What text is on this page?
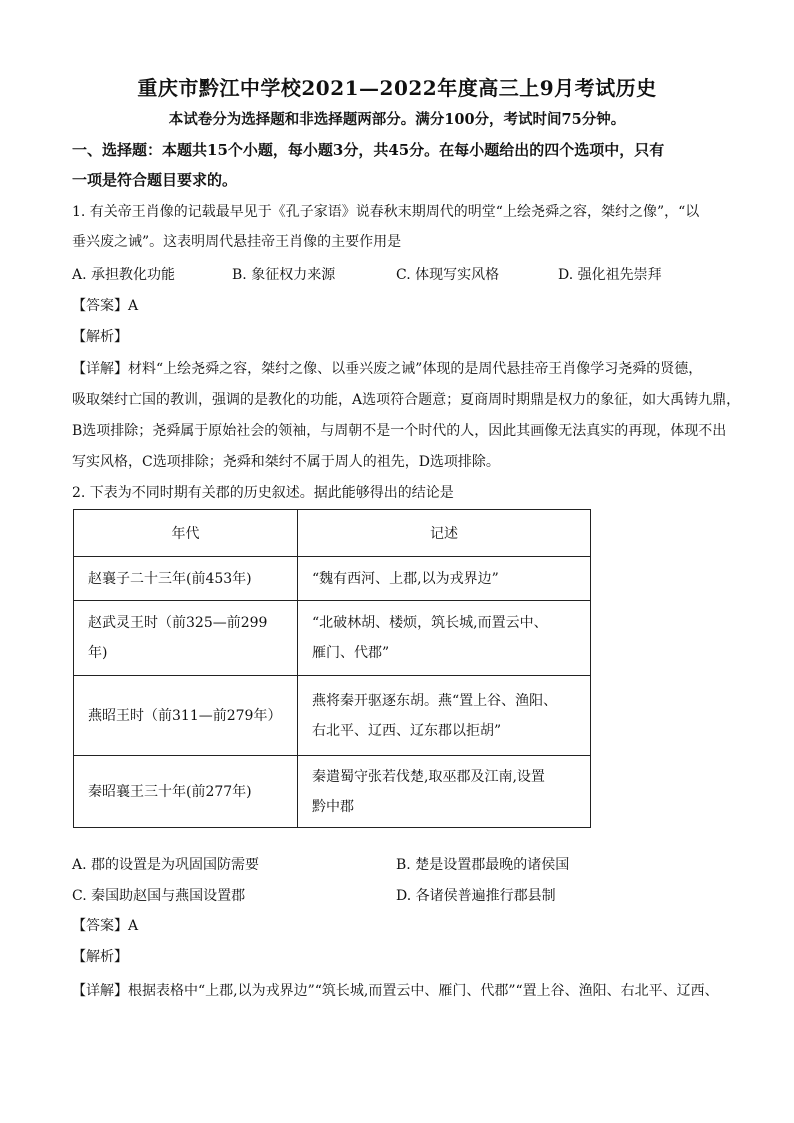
重庆市黔江中学校2021—2022年度高三上9月考试历史
本试卷分为选择题和非选择题两部分。满分100分，考试时间75分钟。
一、选择题：本题共15个小题，每小题3分，共45分。在每小题给出的四个选项中，只有
一项是符合题目要求的。
1. 有关帝王肖像的记载最早见于《孔子家语》说春秋末期周代的明堂“上绘尧舜之容，桀纣之像”，“以
垂兴废之诫”。这表明周代悬挂帝王肖像的主要作用是
A. 承担教化功能	B. 象征权力来源	C. 体现写实风格	D. 强化祖先崇拜
【答案】A
【解析】
【详解】材料“上绘尧舜之容，桀纣之像、以垂兴废之诫”体现的是周代悬挂帝王肖像学习尧舜的贤德，
吸取桀纣亡国的教训，强调的是教化的功能，A选项符合题意；夏商周时期鼎是权力的象征，如大禹铸九鼎，
B选项排除；尧舜属于原始社会的领袖，与周朝不是一个时代的人，因此其画像无法真实的再现，体现不出
写实风格，C选项排除；尧舜和桀纣不属于周人的祖先，D选项排除。
2. 下表为不同时期有关郡的历史叙述。据此能够得出的结论是
年代	记述
赵襄子二十三年(前453年)	“魏有西河、上郡,以为戎界边”
赵武灵王时（前325—前299
年)	“北破林胡、楼烦，筑长城,而置云中、
雁门、代郡”
燕昭王时（前311—前279年）	燕将秦开驱逐东胡。燕“置上谷、渔阳、
右北平、辽西、辽东郡以拒胡”
秦昭襄王三十年(前277年)	秦遣蜀守张若伐楚,取巫郡及江南,设置
黔中郡
A. 郡的设置是为巩固国防需要	B. 楚是设置郡最晚的诸侯国
C. 秦国助赵国与燕国设置郡	D. 各诸侯普遍推行郡县制
【答案】A
【解析】
【详解】根据表格中“上郡,以为戎界边”“筑长城,而置云中、雁门、代郡”“置上谷、渔阳、右北平、辽西、
